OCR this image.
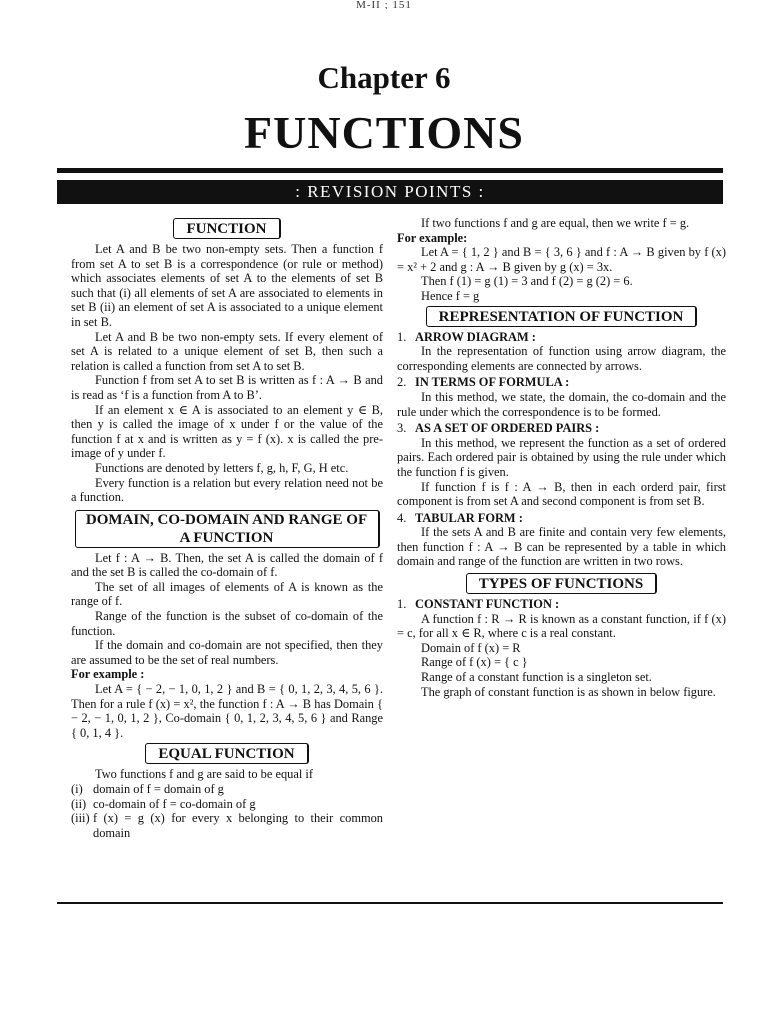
M-II ; 151
Chapter 6
FUNCTIONS
: REVISION POINTS :
FUNCTION

Let A and B be two non-empty sets. Then a function f from set A to set B is a correspondence (or rule or method) which associates elements of set A to the elements of set B such that (i) all elements of set A are associated to elements in set B (ii) an element of set A is associated to a unique element in set B.

Let A and B be two non-empty sets. If every element of set A is related to a unique element of set B, then such a relation is called a function from set A to set B.

Function f from set A to set B is written as f : A → B and is read as ‘f is a function from A to B’.

If an element x ∈ A is associated to an element y ∈ B, then y is called the image of x under f or the value of the function f at x and is written as y = f (x). x is called the pre-image of y under f.

Functions are denoted by letters f, g, h, F, G, H etc.

Every function is a relation but every relation need not be a function.

DOMAIN, CO-DOMAIN AND RANGE OF A FUNCTION

Let f : A → B. Then, the set A is called the domain of f and the set B is called the co-domain of f.

The set of all images of elements of A is known as the range of f.

Range of the function is the subset of co-domain of the function.

If the domain and co-domain are not specified, then they are assumed to be the set of real numbers.

For example :

Let A = { − 2, − 1, 0, 1, 2 } and B = { 0, 1, 2, 3, 4, 5, 6 }. Then for a rule f (x) = x², the function f : A → B has Domain { − 2, − 1, 0, 1, 2 }, Co-domain { 0, 1, 2, 3, 4, 5, 6 } and Range { 0, 1, 4 }.

EQUAL FUNCTION

Two functions f and g are said to be equal if

(i) domain of f = domain of g
(ii) co-domain of f = co-domain of g
(iii) f (x) = g (x) for every x belonging to their common domain

If two functions f and g are equal, then we write f = g.

For example:

Let A = { 1, 2 } and B = { 3, 6 } and f : A → B given by f (x) = x² + 2 and g : A → B given by g (x) = 3x.

Then f (1) = g (1) = 3 and f (2) = g (2) = 6.

Hence f = g

REPRESENTATION OF FUNCTION
1. ARROW DIAGRAM :

In the representation of function using arrow diagram, the corresponding elements are connected by arrows.

2. IN TERMS OF FORMULA :

In this method, we state, the domain, the co-domain and the rule under which the correspondence is to be formed.

3. AS A SET OF ORDERED PAIRS :

In this method, we represent the function as a set of ordered pairs. Each ordered pair is obtained by using the rule under which the function f is given.

If function f is f : A → B, then in each orderd pair, first component is from set A and second component is from set B.

4. TABULAR FORM :

If the sets A and B are finite and contain very few elements, then function f : A → B can be represented by a table in which domain and range of the function are written in two rows.

TYPES OF FUNCTIONS
1. CONSTANT FUNCTION :

A function f : R → R is known as a constant function, if f (x) = c, for all x ∈ R, where c is a real constant.

Domain of f (x) = R

Range of f (x) = { c }

Range of a constant function is a singleton set.

The graph of constant function is as shown in below figure.
